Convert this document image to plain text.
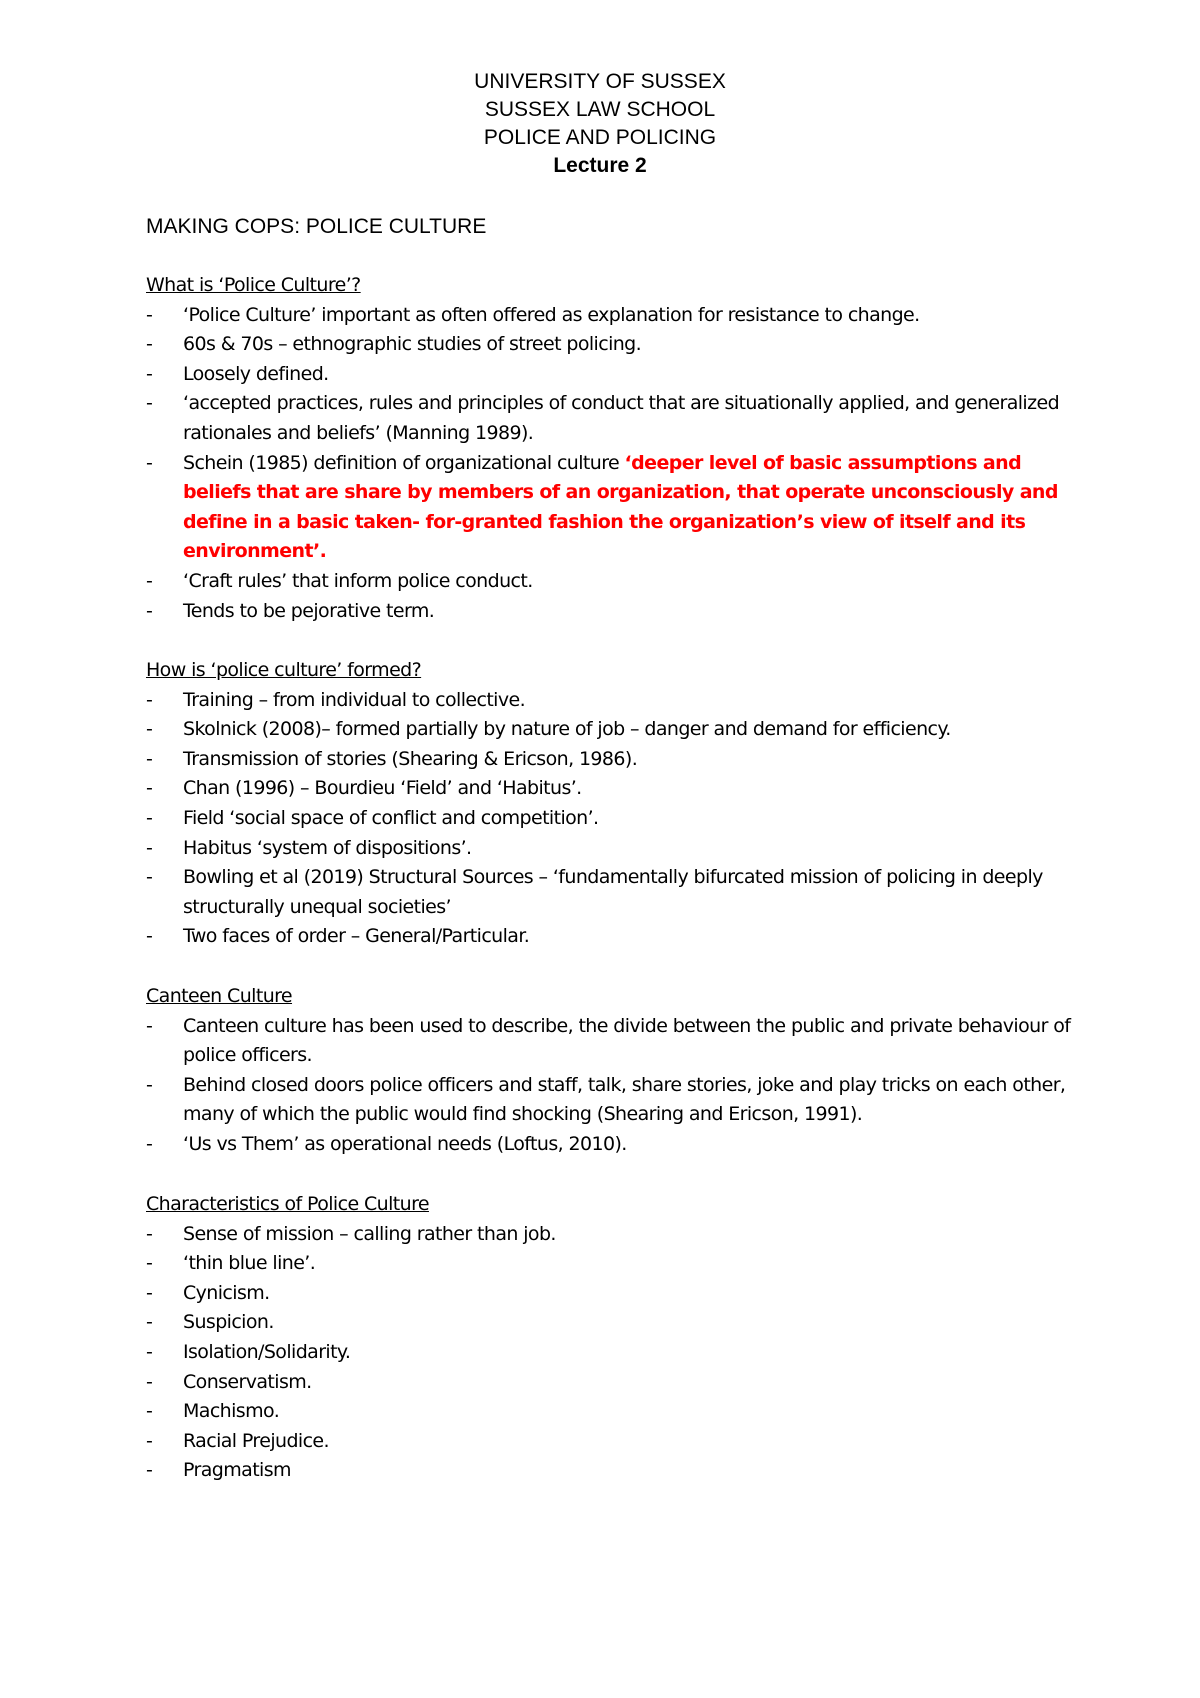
UNIVERSITY OF SUSSEX
SUSSEX LAW SCHOOL
POLICE AND POLICING
Lecture 2
MAKING COPS: POLICE CULTURE
What is ‘Police Culture’?
- ‘Police Culture’ important as often offered as explanation for resistance to change.
- 60s & 70s – ethnographic studies of street policing.
- Loosely defined.
- ‘accepted practices, rules and principles of conduct that are situationally applied, and generalized rationales and beliefs’ (Manning 1989).
- Schein (1985) definition of organizational culture ‘deeper level of basic assumptions and beliefs that are share by members of an organization, that operate unconsciously and define in a basic taken- for-granted fashion the organization’s view of itself and its environment’.
- ‘Craft rules’ that inform police conduct.
- Tends to be pejorative term.
How is ‘police culture’ formed?
- Training – from individual to collective.
- Skolnick (2008)– formed partially by nature of job – danger and demand for efficiency.
- Transmission of stories (Shearing & Ericson, 1986).
- Chan (1996) – Bourdieu ‘Field’ and ‘Habitus’.
- Field ‘social space of conflict and competition’.
- Habitus ‘system of dispositions’.
- Bowling et al (2019) Structural Sources – ‘fundamentally bifurcated mission of policing in deeply structurally unequal societies’
- Two faces of order – General/Particular.
Canteen Culture
- Canteen culture has been used to describe, the divide between the public and private behaviour of police officers.
- Behind closed doors police officers and staff, talk, share stories, joke and play tricks on each other, many of which the public would find shocking (Shearing and Ericson, 1991).
- ‘Us vs Them’ as operational needs (Loftus, 2010).
Characteristics of Police Culture
- Sense of mission – calling rather than job.
- ‘thin blue line’.
- Cynicism.
- Suspicion.
- Isolation/Solidarity.
- Conservatism.
- Machismo.
- Racial Prejudice.
- Pragmatism
